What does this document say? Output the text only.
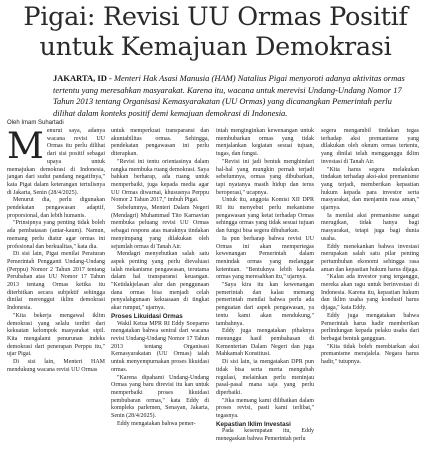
Pigai: Revisi UU Ormas Positif
untuk Kemajuan Demokrasi
JAKARTA, ID - Menteri Hak Asasi Manusia (HAM) Natalius Pigai menyoroti adanya aktivitas ormas tertentu yang meresahkan masyarakat. Karena itu, wacana untuk merevisi Undang-Undang Nomor 17 Tahun 2013 tentang Organisasi Kemasyarakatan (UU Ormas) yang dicanangkan Pemerintah perlu dilihat dalam konteks positif demi kemajuan demokrasi di Indonesia.
Oleh Imam Suhartadi
M enurut saya, adanya wacana revisi UU Ormas itu perlu dilihat dari sisi positif sebagai upaya untuk memajukan demokrasi di Indonesia, jangan dari sudut pandang negatifnya," kata Pigai dalam keterangan tertulisnya di Jakarta, Senin (28/4/2025).

Menurut dia, perlu digunakan pendekatan pengawasan adaptif, proporsional, dan lebih humanis.

"Prinsipnya yang penting tidak boleh ada pembatasan (antar-kaum). Namun, memang perlu diatur agar ormas ini profesional dan berkualitas," kata dia.

Di sisi lain, Pigai menilai Peraturan Pemerintah Pengganti Undang-Undang (Perppu) Nomor 2 Tahun 2017 tentang Perubahan atas UU Nomor 17 Tahun 2013 tentang Ormas ketika itu diterbitkan secara subjektif sehingga dinilai merenggut iklim demokrasi Indonesia.

"Kita bekerja mengawal iklim demokrasi yang selalu terdiri dari kekuatan kelompok masyarakat sipil. Kita mengalami penurunan indeks demokrasi dari penerapan Perppu itu," ujar Pigai.

Di sisi lain, Menteri HAM mendukung wacana revisi UU Ormas

untuk memperkuat transparansi dan akuntabilitas ormas. Sehingga, pendekatan pengawasan ini perlu diterapkan.

"Revisi ini tentu orientasinya dalam rangka membuka ruang demokrasi. Saya bahkan berharap, ada ruang untuk memperbaiki, juga kepada media agar UU Ormas diwarnai, khususnya Perppu Nomor 2 Tahun 2017," imbuh Pigai.

Sebelumnya, Menteri Dalam Negeri (Mendagri) Muhammad Tito Karnavian membuka peluang revisi UU Ormas sebagai respons atas maraknya tindakan menyimpang yang dilakukan oleh sejumlah ormas di Tanah Air.

Mendagri menyebutkan salah satu aspek penting yang perlu dievaluasi ialah mekanisme pengawasan, terutama dalam hal transparansi keuangan. "Ketidakjelasan alur dan penggunaan dana ormas bisa menjadi celah penyalahgunaan kekuasaan di tingkat akar rumput," ujarnya.

Proses Likuidasi Ormas

Wakil Ketua MPR RI Eddy Soeparno mengatakan bahwa sentral dari wacana revisi Undang-Undang Nomor 17 Tahun 2013 tentang Organisasi Kemasyarakatan (UU Ormas) ialah untuk menyempurnakan proses likuidasi ormas.

"Karena dipahami Undang-Undang Ormas yang baru direvisi itu kan untuk memperbaiki proses likuidasi pembubaran ormas," kata Eddy di kompleks parlemen, Senayan, Jakarta, Senin (28/4/2025).

Eddy mengatakan bahwa pemer-

intah menginginkan kewenangan untuk membubarkan ormas yang tidak menjalankan kegiatan sesuai tujuan, tugas, dan fungsi.

"Revisi ini jadi bentuk menghindari hal-hal yang mungkin pernah terjadi sebelumnya, ormas yang dibubarkan, tapi nyatanya masih hidup dan terus beroperasi," ucapnya.

Untuk itu, anggota Komisi XII DPR RI itu menyebut perlu mekanisme pengawasan yang ketat terhadap Ormas sehingga ormas yang tidak sesuai tujuan dan fungsi bisa segera dibubarkan.

Ia pun berharap bahwa revisi UU Ormas ini akan mempertegas kewenangan Pemerintah dalam menindak ormas yang melanggar ketentuan. "Bentuknya lebih kepada ormas yang meresahkan itu," ujarnya.

"Saya kira itu kan kewenangan pemerintah dan kalau memang pemerintah menilai bahwa perlu ada penguatan dari aspek pengawasan, ya tentu kami akan mendukung," tambahnya.

Eddy juga mengatakan pihaknya menunggu hasil pembahasan di Kementerian Dalam Negeri dan juga Mahkamah Konstitusi.

Di sisi lain, ia mengatakan DPR pun tidak bisa serta merta mengubah regulasi, melainkan perlu meninjau pasal-pasal mana saja yang perlu diperbaiki.

"Jika memang kami dilibatkan dalam proses revisi, pasti kami terlibat," tegasnya.

Kepastian Iklim Investasi

Pada kesempatan itu, Eddy menegaskan bahwa Pemerintah perlu

segera mengambil tindakan tegas terhadap aksi premanisme yang dilakukan oleh oknum ormas tertentu, yang dinilai telah mengganggu iklim investasi di Tanah Air.

"Kita harus segera melakukan tindakan terhadap aksi-aksi premanisme yang terjadi, memberikan kepastian hukum kepada para investor serta masyarakat, dan menjamin rasa aman," ujarnya.

Ia menilai aksi premanisme sangat merugikan, tidak hanya bagi masyarakat, tetapi juga bagi dunia usaha.

Eddy menekankan bahwa investasi merupakan salah satu pilar penting pertumbuhan ekonomi sehingga rasa aman dan kepastian hukum harus dijaga.

"Kalau ada investor yang terganggu, mereka akan ragu untuk berinvestasi di Indonesia. Karena itu, kepastian hukum dan iklim usaha yang kondusif harus dijaga," kata Eddy.

Eddy juga mengatakan bahwa Pemerintah harus hadir memberikan perlindungan kepada pelaku usaha dari berbagai bentuk gangguan.

"Kita tidak boleh membiarkan aksi premanisme merajalela. Negara harus hadir," tutupnya.
